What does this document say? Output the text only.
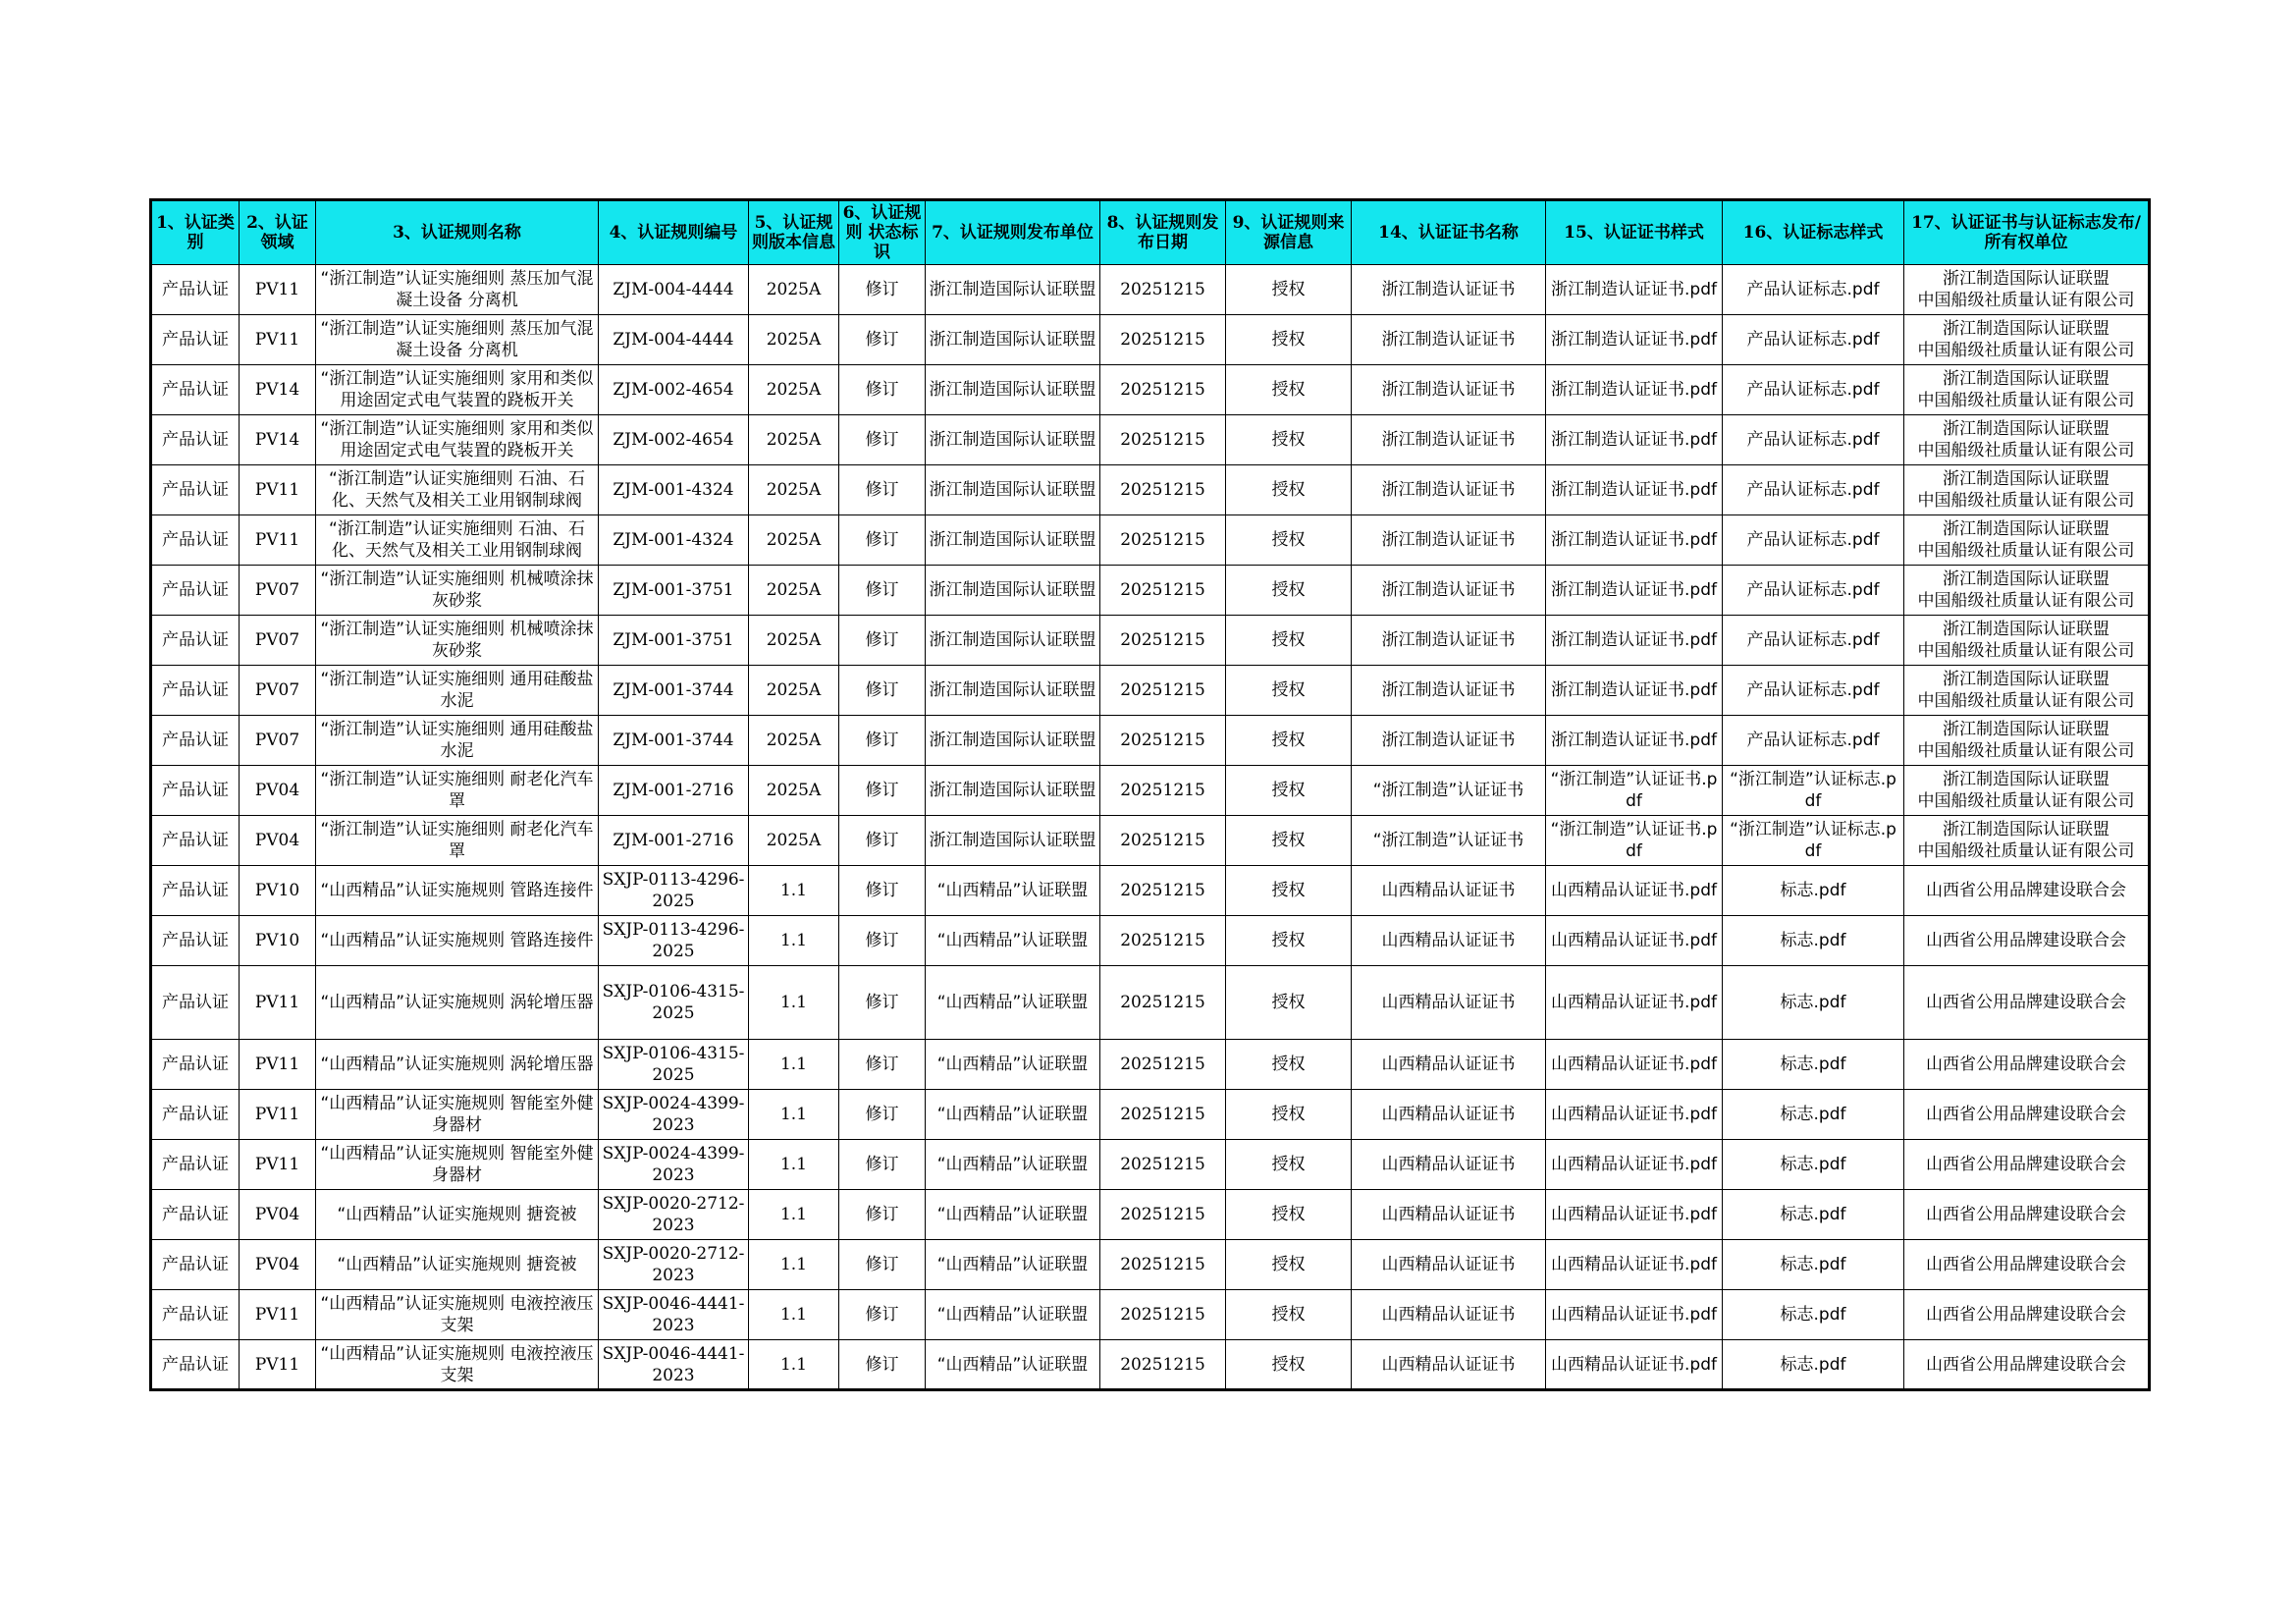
1、认证类别	2、认证领域	3、认证规则名称	4、认证规则编号	5、认证规则版本信息	6、认证规则 状态标识	7、认证规则发布单位	8、认证规则发布日期	9、认证规则来源信息	14、认证证书名称	15、认证证书样式	16、认证标志样式	17、认证证书与认证标志发布/所有权单位
产品认证	PV11	“浙江制造”认证实施细则 蒸压加气混凝土设备 分离机	ZJM-004-4444	2025A	修订	浙江制造国际认证联盟	20251215	授权	浙江制造认证证书	浙江制造认证证书.pdf	产品认证标志.pdf	浙江制造国际认证联盟
中国船级社质量认证有限公司

产品认证	PV11	“浙江制造”认证实施细则 蒸压加气混凝土设备 分离机	ZJM-004-4444	2025A	修订	浙江制造国际认证联盟	20251215	授权	浙江制造认证证书	浙江制造认证证书.pdf	产品认证标志.pdf	浙江制造国际认证联盟
中国船级社质量认证有限公司

产品认证	PV14	“浙江制造”认证实施细则 家用和类似用途固定式电气装置的跷板开关	ZJM-002-4654	2025A	修订	浙江制造国际认证联盟	20251215	授权	浙江制造认证证书	浙江制造认证证书.pdf	产品认证标志.pdf	浙江制造国际认证联盟
中国船级社质量认证有限公司

产品认证	PV14	“浙江制造”认证实施细则 家用和类似用途固定式电气装置的跷板开关	ZJM-002-4654	2025A	修订	浙江制造国际认证联盟	20251215	授权	浙江制造认证证书	浙江制造认证证书.pdf	产品认证标志.pdf	浙江制造国际认证联盟
中国船级社质量认证有限公司

产品认证	PV11	“浙江制造”认证实施细则 石油、石化、天然气及相关工业用钢制球阀	ZJM-001-4324	2025A	修订	浙江制造国际认证联盟	20251215	授权	浙江制造认证证书	浙江制造认证证书.pdf	产品认证标志.pdf	浙江制造国际认证联盟
中国船级社质量认证有限公司

产品认证	PV11	“浙江制造”认证实施细则 石油、石化、天然气及相关工业用钢制球阀	ZJM-001-4324	2025A	修订	浙江制造国际认证联盟	20251215	授权	浙江制造认证证书	浙江制造认证证书.pdf	产品认证标志.pdf	浙江制造国际认证联盟
中国船级社质量认证有限公司

产品认证	PV07	“浙江制造”认证实施细则 机械喷涂抹灰砂浆	ZJM-001-3751	2025A	修订	浙江制造国际认证联盟	20251215	授权	浙江制造认证证书	浙江制造认证证书.pdf	产品认证标志.pdf	浙江制造国际认证联盟
中国船级社质量认证有限公司

产品认证	PV07	“浙江制造”认证实施细则 机械喷涂抹灰砂浆	ZJM-001-3751	2025A	修订	浙江制造国际认证联盟	20251215	授权	浙江制造认证证书	浙江制造认证证书.pdf	产品认证标志.pdf	浙江制造国际认证联盟
中国船级社质量认证有限公司

产品认证	PV07	“浙江制造”认证实施细则 通用硅酸盐水泥	ZJM-001-3744	2025A	修订	浙江制造国际认证联盟	20251215	授权	浙江制造认证证书	浙江制造认证证书.pdf	产品认证标志.pdf	浙江制造国际认证联盟
中国船级社质量认证有限公司

产品认证	PV07	“浙江制造”认证实施细则 通用硅酸盐水泥	ZJM-001-3744	2025A	修订	浙江制造国际认证联盟	20251215	授权	浙江制造认证证书	浙江制造认证证书.pdf	产品认证标志.pdf	浙江制造国际认证联盟
中国船级社质量认证有限公司

产品认证	PV04	“浙江制造”认证实施细则 耐老化汽车罩	ZJM-001-2716	2025A	修订	浙江制造国际认证联盟	20251215	授权	“浙江制造”认证证书	“浙江制造”认证证书.pdf	“浙江制造”认证标志.pdf	浙江制造国际认证联盟
中国船级社质量认证有限公司

产品认证	PV04	“浙江制造”认证实施细则 耐老化汽车罩	ZJM-001-2716	2025A	修订	浙江制造国际认证联盟	20251215	授权	“浙江制造”认证证书	“浙江制造”认证证书.pdf	“浙江制造”认证标志.pdf	浙江制造国际认证联盟
中国船级社质量认证有限公司

产品认证	PV10	“山西精品”认证实施规则 管路连接件	SXJP-0113-4296-2025	1.1	修订	“山西精品”认证联盟	20251215	授权	山西精品认证证书	山西精品认证证书.pdf	标志.pdf	山西省公用品牌建设联合会

产品认证	PV10	“山西精品”认证实施规则 管路连接件	SXJP-0113-4296-2025	1.1	修订	“山西精品”认证联盟	20251215	授权	山西精品认证证书	山西精品认证证书.pdf	标志.pdf	山西省公用品牌建设联合会

产品认证	PV11	“山西精品”认证实施规则 涡轮增压器	SXJP-0106-4315-2025	1.1	修订	“山西精品”认证联盟	20251215	授权	山西精品认证证书	山西精品认证证书.pdf	标志.pdf	山西省公用品牌建设联合会

产品认证	PV11	“山西精品”认证实施规则 涡轮增压器	SXJP-0106-4315-2025	1.1	修订	“山西精品”认证联盟	20251215	授权	山西精品认证证书	山西精品认证证书.pdf	标志.pdf	山西省公用品牌建设联合会

产品认证	PV11	“山西精品”认证实施规则 智能室外健身器材	SXJP-0024-4399-2023	1.1	修订	“山西精品”认证联盟	20251215	授权	山西精品认证证书	山西精品认证证书.pdf	标志.pdf	山西省公用品牌建设联合会

产品认证	PV11	“山西精品”认证实施规则 智能室外健身器材	SXJP-0024-4399-2023	1.1	修订	“山西精品”认证联盟	20251215	授权	山西精品认证证书	山西精品认证证书.pdf	标志.pdf	山西省公用品牌建设联合会

产品认证	PV04	“山西精品”认证实施规则 搪瓷被	SXJP-0020-2712-2023	1.1	修订	“山西精品”认证联盟	20251215	授权	山西精品认证证书	山西精品认证证书.pdf	标志.pdf	山西省公用品牌建设联合会

产品认证	PV04	“山西精品”认证实施规则 搪瓷被	SXJP-0020-2712-2023	1.1	修订	“山西精品”认证联盟	20251215	授权	山西精品认证证书	山西精品认证证书.pdf	标志.pdf	山西省公用品牌建设联合会

产品认证	PV11	“山西精品”认证实施规则 电液控液压支架	SXJP-0046-4441-2023	1.1	修订	“山西精品”认证联盟	20251215	授权	山西精品认证证书	山西精品认证证书.pdf	标志.pdf	山西省公用品牌建设联合会

产品认证	PV11	“山西精品”认证实施规则 电液控液压支架	SXJP-0046-4441-2023	1.1	修订	“山西精品”认证联盟	20251215	授权	山西精品认证证书	山西精品认证证书.pdf	标志.pdf	山西省公用品牌建设联合会
